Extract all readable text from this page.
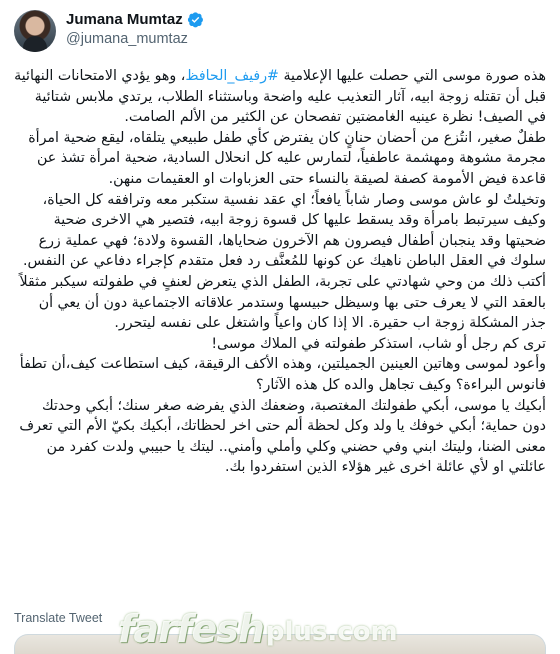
Jumana Mumtaz
@jumana_mumtaz

هذه صورة موسى التي حصلت عليها الإعلامية #رفيف_الحافظ، وهو يؤدي الامتحانات النهائية قبل أن تقتله زوجة ابيه، آثار التعذيب عليه واضحة وباستثناء الطلاب، يرتدي ملابس شتائية في الصيف! نظرة عينيه الغامضتين تفصحان عن الكثير من الألم الصامت.

طفلٌ صغير، انتُزع من أحضان حنانٍ كان يفترض كأي طفل طبيعي يتلقاه، ليقع ضحية امرأة مجرمة مشوهة ومهشمة عاطفياً، لتمارس عليه كل انحلال السادية، ضحية امرأة تشذ عن قاعدة فيض الأمومة كصفة لصيقة بالنساء حتى العزباوات او العقيمات منهن.

وتخيلتُ لو عاش موسى وصار شاباً يافعاً؛ اي عقد نفسية ستكبر معه وترافقه كل الحياة، وكيف سيرتبط بامرأة وقد يسقط عليها كل قسوة زوجة ابيه، فتصير هي الاخرى ضحية ضحيتها وقد ينجبان أطفال فيصرون هم الآخرون ضحاياها، القسوة ولادة؛ فهي عملية زرع سلوك في العقل الباطن ناهيك عن كونها للمُعنَّف رد فعل متقدم كإجراء دفاعي عن النفس.

أكتب ذلك من وحي شهادتي على تجربة، الطفل الذي يتعرض لعنفٍ في طفولته سيكبر مثقلاً بالعقد التي لا يعرف حتى بها وسيظل حبيسها وستدمر علاقاته الاجتماعية دون أن يعي أن جذر المشكلة زوجة اب حقيرة. الا إذا كان واعياً واشتغل على نفسه ليتحرر.

ترى كم رجل أو شاب، استذكر طفولته في الملاك موسى!

وأعود لموسى وهاتين العينين الجميلتين، وهذه الأكف الرقيقة، كيف استطاعت كيف،أن تطفأ فانوس البراءة؟ وكيف تجاهل والده كل هذه الآثار؟

أبكيك يا موسى، أبكي طفولتك المغتصبة، وضعفك الذي يفرضه صغر سنك؛ أبكي وحدتك دون حماية؛ أبكي خوفك يا ولد وكل لحظة ألم حتى اخر لحظاتك، أبكيك بكيّ الأم التي تعرف معنى الضنا، وليتك ابني وفي حضني وكلي وأملي وأمني.. ليتك يا حبيبي ولدت كفرد من عائلتي او لأي عائلة اخرى غير هؤلاء الذين استفردوا بك.

Translate Tweet farfesh plus.com
